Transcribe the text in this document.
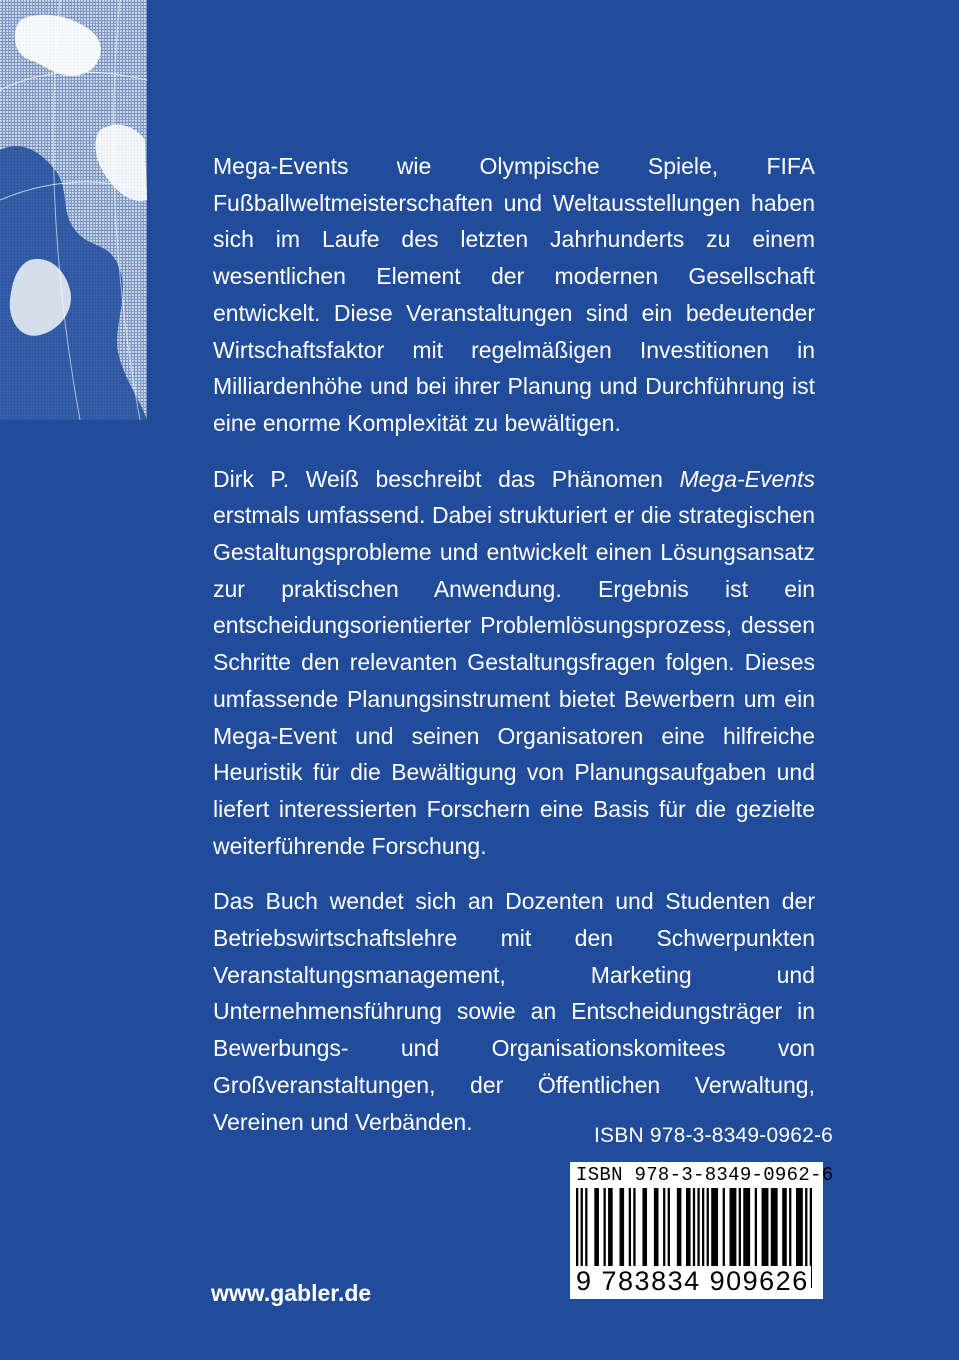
Mega-Events wie Olympische Spiele, FIFA Fußballweltmeisterschaften und Weltausstellungen haben sich im Laufe des letzten Jahrhunderts zu einem wesentlichen Element der modernen Gesellschaft entwickelt. Diese Veranstaltungen sind ein bedeutender Wirtschaftsfaktor mit regelmäßigen Investitionen in Milliardenhöhe und bei ihrer Planung und Durchführung ist eine enorme Komplexität zu bewältigen.

Dirk P. Weiß beschreibt das Phänomen Mega-Events erstmals umfassend. Dabei strukturiert er die strategischen Gestaltungsprobleme und entwickelt einen Lösungsansatz zur praktischen Anwendung. Ergebnis ist ein entscheidungsorientierter Problemlösungsprozess, dessen Schritte den relevanten Gestaltungsfragen folgen. Dieses umfassende Planungsinstrument bietet Bewerbern um ein Mega-Event und seinen Organisatoren eine hilfreiche Heuristik für die Bewältigung von Planungsaufgaben und liefert interessierten Forschern eine Basis für die gezielte weiterführende Forschung.

Das Buch wendet sich an Dozenten und Studenten der Betriebswirtschaftslehre mit den Schwerpunkten Veranstaltungsmanagement, Marketing und Unternehmensführung sowie an Entscheidungsträger in Bewerbungs- und Organisationskomitees von Großveranstaltungen, der Öffentlichen Verwaltung, Vereinen und Verbänden.

ISBN 978-3-8349-0962-6
ISBN 978-3-8349-0962-6
9 783834 909626
www.gabler.de
